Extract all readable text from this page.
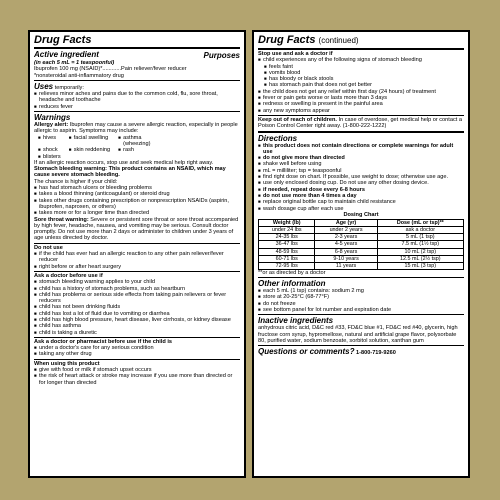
Drug Facts
Active ingredient	Purposes
(in each 5 mL = 1 teaspoonful)
Ibuprofen 100 mg (NSAID)*............Pain reliever/fever reducer
*nonsteroidal anti-inflammatory drug
Uses temporarily:
■ relieves minor aches and pains due to the common cold, flu, sore throat, headache and toothache
■ reduces fever
Warnings
Allergy alert: Ibuprofen may cause a severe allergic reaction, especially in people allergic to aspirin. Symptoms may include:
■ hives	■ facial swelling	■ asthma (wheezing)
■ shock	■ skin reddening	■ rash
■ blisters
If an allergic reaction occurs, stop use and seek medical help right away.
Stomach bleeding warning: This product contains an NSAID, which may cause severe stomach bleeding.
The chance is higher if your child:
■ has had stomach ulcers or bleeding problems
■ takes a blood thinning (anticoagulant) or steroid drug
■ takes other drugs containing prescription or nonprescription NSAIDs (aspirin, ibuprofen, naproxen, or others)
■ takes more or for a longer time than directed
Sore throat warning: Severe or persistent sore throat or sore throat accompanied by high fever, headache, nausea, and vomiting may be serious. Consult doctor promptly. Do not use more than 2 days or administer to children under 3 years of age unless directed by doctor.
Do not use
■ if the child has ever had an allergic reaction to any other pain reliever/fever reducer
■ right before or after heart surgery
Ask a doctor before use if
■ stomach bleeding warning applies to your child
■ child has a history of stomach problems, such as heartburn
■ child has problems or serious side effects from taking pain relievers or fever reducers
■ child has not been drinking fluids
■ child has lost a lot of fluid due to vomiting or diarrhea
■ child has high blood pressure, heart disease, liver cirrhosis, or kidney disease
■ child has asthma
■ child is taking a diuretic
Ask a doctor or pharmacist before use if the child is
■ under a doctor's care for any serious condition
■ taking any other drug
When using this product
■ give with food or milk if stomach upset occurs
■ the risk of heart attack or stroke may increase if you use more than directed or for longer than directed
Drug Facts (continued)
Stop use and ask a doctor if
■ child experiences any of the following signs of stomach bleeding
■ feels faint
■ vomits blood
■ has bloody or black stools
■ has stomach pain that does not get better
■ the child does not get any relief within first day (24 hours) of treatment
■ fever or pain gets worse or lasts more than 3 days
■ redness or swelling is present in the painful area
■ any new symptoms appear
Keep out of reach of children. In case of overdose, get medical help or contact a Poison Control Center right away. (1-800-222-1222)
Directions
■ this product does not contain directions or complete warnings for adult use
■ do not give more than directed
■ shake well before using
■ mL = milliliter; tsp = teaspoonful
■ find right dose on chart. If possible, use weight to dose; otherwise use age.
■ use only enclosed dosing cup. Do not use any other dosing device.
■ if needed, repeat dose every 6-8 hours
■ do not use more than 4 times a day
■ replace original bottle cap to maintain child resistance
■ wash dosage cup after each use
Dosing Chart
Weight (lb)	Age (yr)	Dose (mL or tsp)**
under 24 lbs	under 2 years	ask a doctor
24-35 lbs	2-3 years	5 mL (1 tsp)
36-47 lbs	4-5 years	7.5 mL (1½ tsp)
48-59 lbs	6-8 years	10 mL (2 tsp)
60-71 lbs	9-10 years	12.5 mL (2½ tsp)
72-95 lbs	11 years	15 mL (3 tsp)
**or as directed by a doctor
Other information
■ each 5 mL (1 tsp) contains: sodium 2 mg
■ store at 20-25°C (68-77°F)
■ do not freeze
■ see bottom panel for lot number and expiration date
Inactive ingredients
anhydrous citric acid, D&C red #33, FD&C blue #1, FD&C red #40, glycerin, high fructose corn syrup, hypromellose, natural and artificial grape flavor, polysorbate 80, purified water, sodium benzoate, sorbitol solution, xanthan gum
Questions or comments? 1-800-719-9260
